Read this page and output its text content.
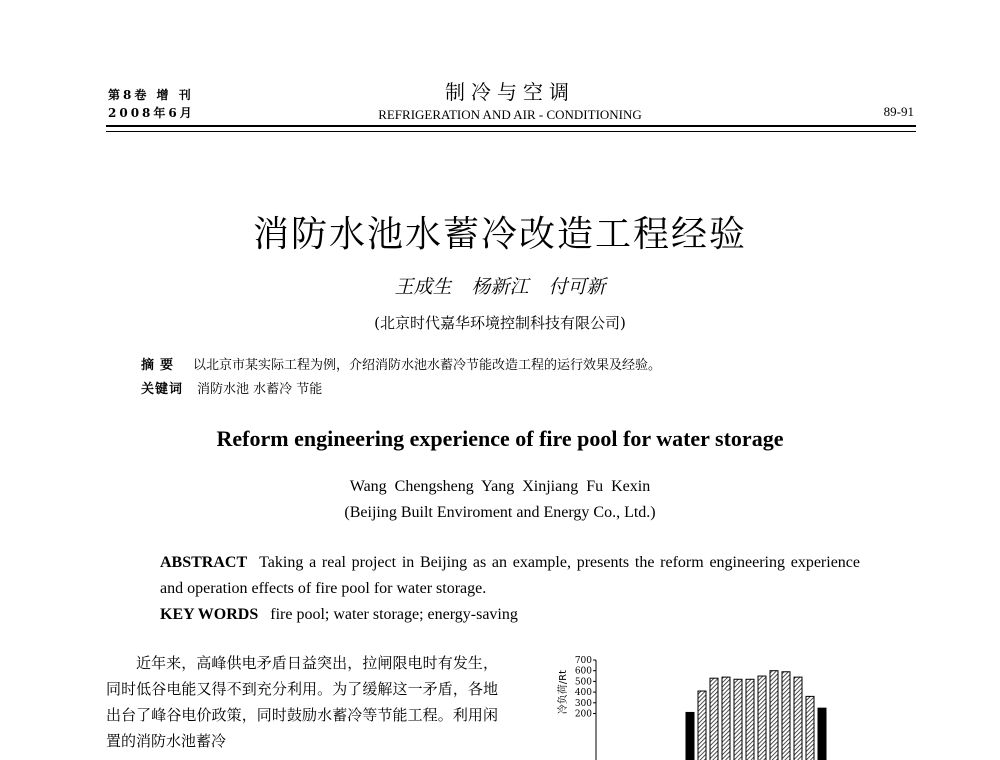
第8卷 增 刊
2008年6月
制冷与空调
REFRIGERATION AND AIR - CONDITIONING	89-91
消防水池水蓄冷改造工程经验
王成生 杨新江 付可新
(北京时代嘉华环境控制科技有限公司)
摘要 以北京市某实际工程为例，介绍消防水池水蓄冷节能改造工程的运行效果及经验。
关键词 消防水池 水蓄冷 节能
Reform engineering experience of fire pool for water storage
Wang Chengsheng Yang Xinjiang Fu Kexin
(Beijing Built Enviroment and Energy Co., Ltd.)
ABSTRACT Taking a real project in Beijing as an example, presents the reform engineering experience and operation effects of fire pool for water storage.
KEY WORDS fire pool; water storage; energy-saving
近年来，高峰供电矛盾日益突出，拉闸限电时有发生，同时低谷电能又得不到充分利用。为了缓解这一矛盾，各地出台了峰谷电价政策，同时鼓励水蓄冷等节能工程。利用闲置的消防水池蓄冷
200
300
400
500
600
700
冷负荷/Rt
